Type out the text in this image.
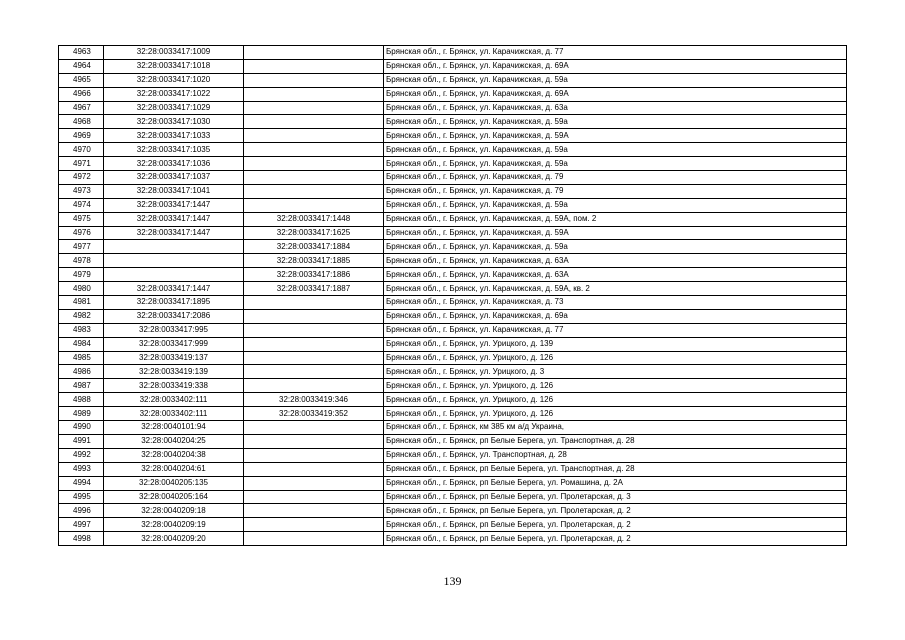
4963	32:28:0033417:1009		Брянская обл., г. Брянск, ул. Карачижская, д. 77
4964	32:28:0033417:1018		Брянская обл., г. Брянск, ул. Карачижская, д. 69А
4965	32:28:0033417:1020		Брянская обл., г. Брянск, ул. Карачижская, д. 59а
4966	32:28:0033417:1022		Брянская обл., г. Брянск, ул. Карачижская, д. 69А
4967	32:28:0033417:1029		Брянская обл., г. Брянск, ул. Карачижская, д. 63а
4968	32:28:0033417:1030		Брянская обл., г. Брянск, ул. Карачижская, д. 59а
4969	32:28:0033417:1033		Брянская обл., г. Брянск, ул. Карачижская, д. 59А
4970	32:28:0033417:1035		Брянская обл., г. Брянск, ул. Карачижская, д. 59а
4971	32:28:0033417:1036		Брянская обл., г. Брянск, ул. Карачижская, д. 59а
4972	32:28:0033417:1037		Брянская обл., г. Брянск, ул. Карачижская, д. 79
4973	32:28:0033417:1041		Брянская обл., г. Брянск, ул. Карачижская, д. 79
4974	32:28:0033417:1447		Брянская обл., г. Брянск, ул. Карачижская, д. 59а
4975	32:28:0033417:1447	32:28:0033417:1448	Брянская обл., г. Брянск, ул. Карачижская, д. 59А, пом. 2
4976	32:28:0033417:1447	32:28:0033417:1625	Брянская обл., г. Брянск, ул. Карачижская, д. 59А
4977		32:28:0033417:1884	Брянская обл., г. Брянск, ул. Карачижская, д. 59а
4978		32:28:0033417:1885	Брянская обл., г. Брянск, ул. Карачижская, д. 63А
4979		32:28:0033417:1886	Брянская обл., г. Брянск, ул. Карачижская, д. 63А
4980	32:28:0033417:1447	32:28:0033417:1887	Брянская обл., г. Брянск, ул. Карачижская, д. 59А, кв. 2
4981	32:28:0033417:1895		Брянская обл., г. Брянск, ул. Карачижская, д. 73
4982	32:28:0033417:2086		Брянская обл., г. Брянск, ул. Карачижская, д. 69а
4983	32:28:0033417:995		Брянская обл., г. Брянск, ул. Карачижская, д. 77
4984	32:28:0033417:999		Брянская обл., г. Брянск, ул. Урицкого, д. 139
4985	32:28:0033419:137		Брянская обл., г. Брянск, ул. Урицкого, д. 126
4986	32:28:0033419:139		Брянская обл., г. Брянск, ул. Урицкого, д. 3
4987	32:28:0033419:338		Брянская обл., г. Брянск, ул. Урицкого, д. 126
4988	32:28:0033402:111	32:28:0033419:346	Брянская обл., г. Брянск, ул. Урицкого, д. 126
4989	32:28:0033402:111	32:28:0033419:352	Брянская обл., г. Брянск, ул. Урицкого, д. 126
4990	32:28:0040101:94		Брянская обл., г. Брянск, км 385 км а/д Украина,
4991	32:28:0040204:25		Брянская обл., г. Брянск, рп Белые Берега, ул. Транспортная, д. 28
4992	32:28:0040204:38		Брянская обл., г. Брянск, ул. Транспортная, д. 28
4993	32:28:0040204:61		Брянская обл., г. Брянск, рп Белые Берега, ул. Транспортная, д. 28
4994	32:28:0040205:135		Брянская обл., г. Брянск, рп Белые Берега, ул. Ромашина, д. 2А
4995	32:28:0040205:164		Брянская обл., г. Брянск, рп Белые Берега, ул. Пролетарская, д. 3
4996	32:28:0040209:18		Брянская обл., г. Брянск, рп Белые Берега, ул. Пролетарская, д. 2
4997	32:28:0040209:19		Брянская обл., г. Брянск, рп Белые Берега, ул. Пролетарская, д. 2
4998	32:28:0040209:20		Брянская обл., г. Брянск, рп Белые Берега, ул. Пролетарская, д. 2
139
